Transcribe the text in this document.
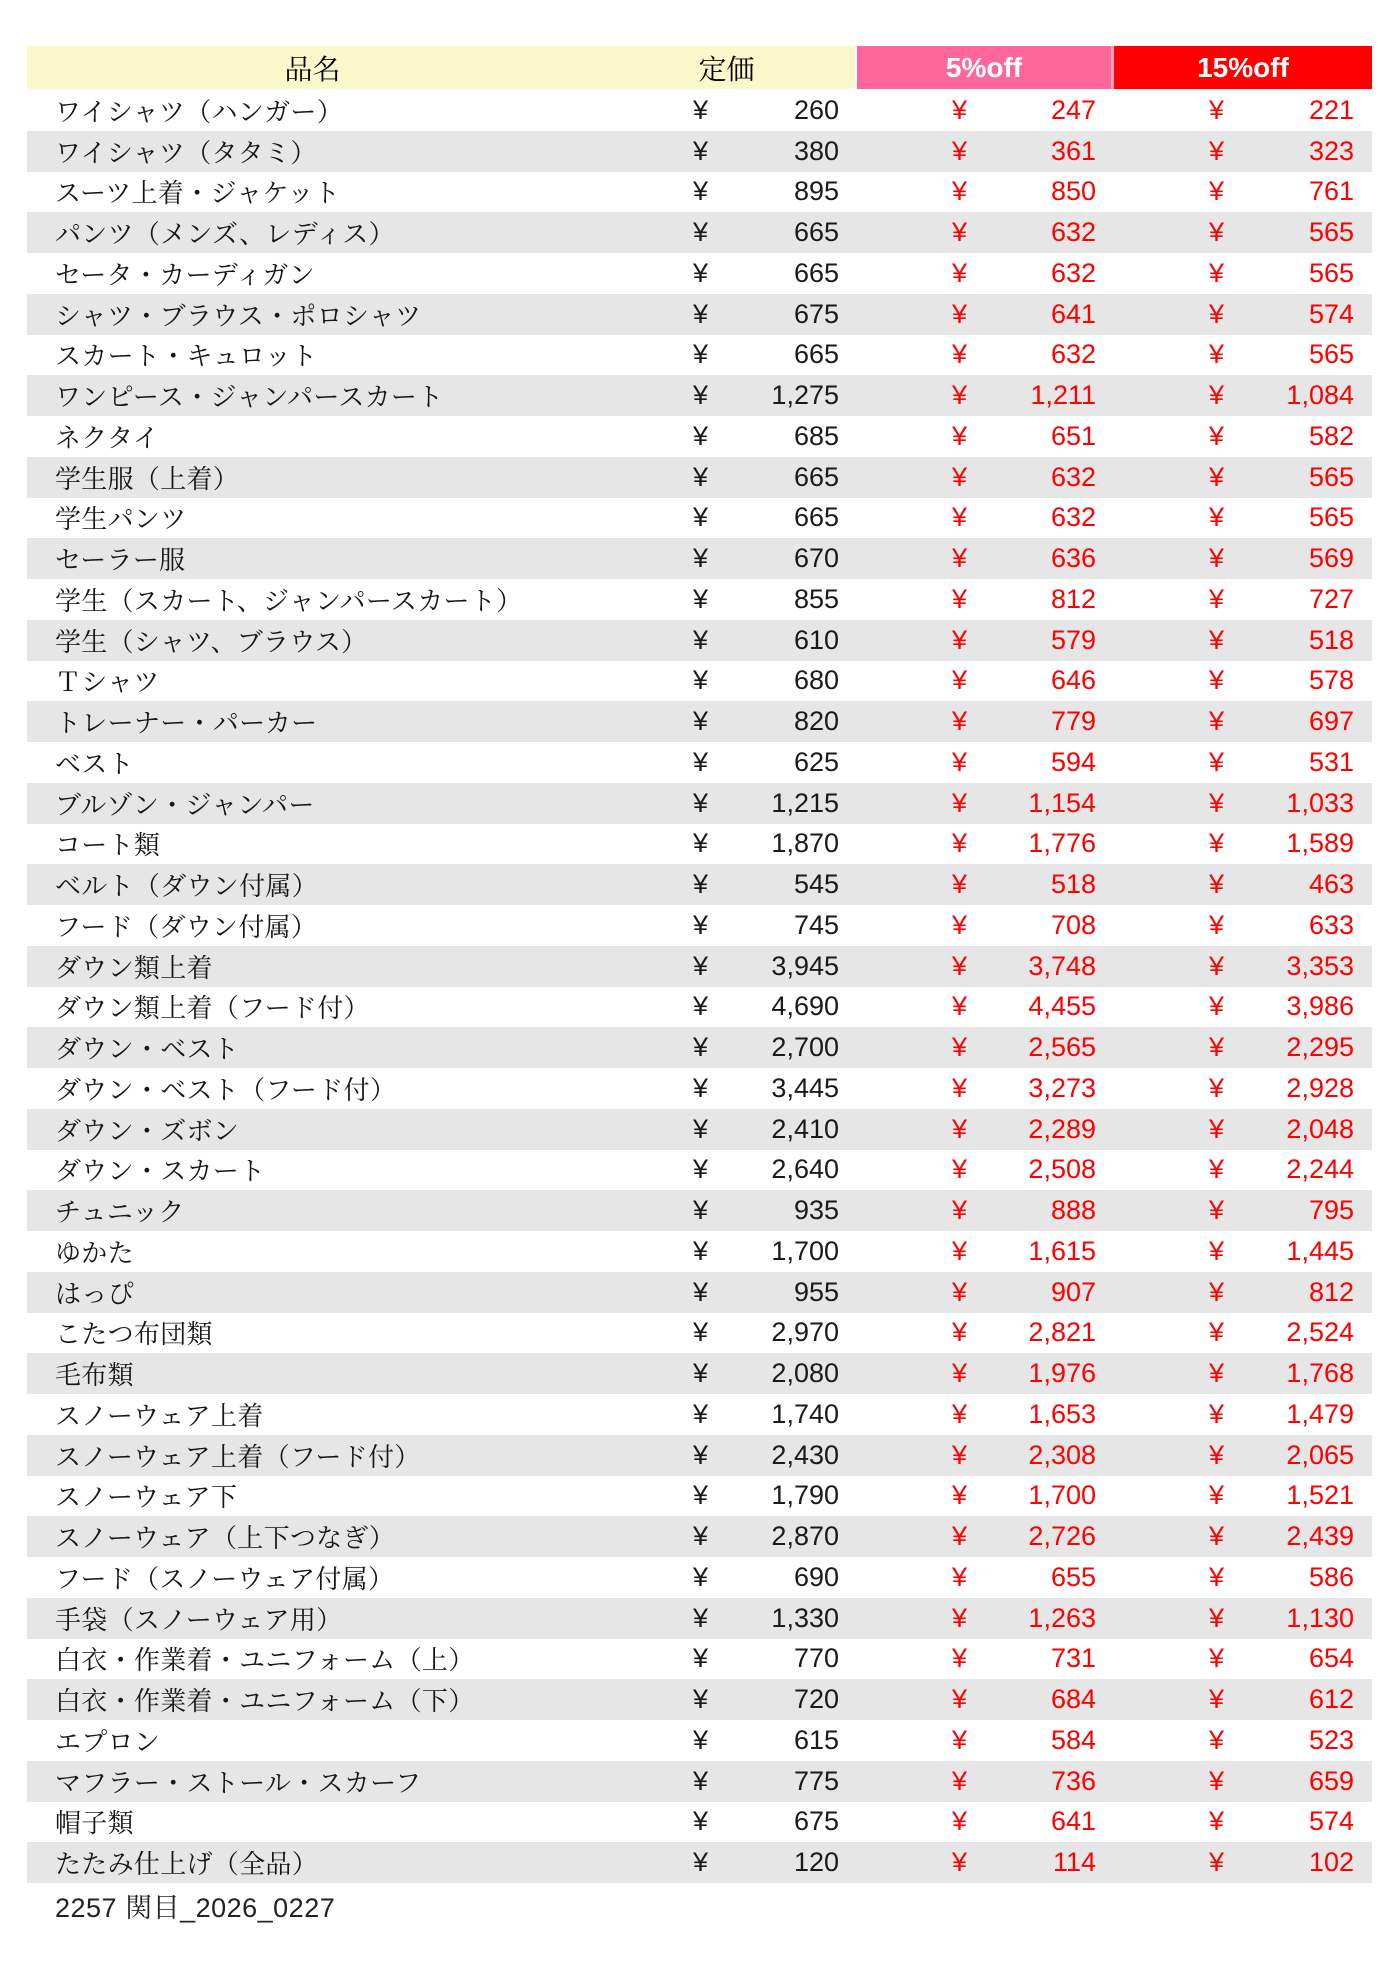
品名	定価	5%off	15%off
ワイシャツ（ハンガー）	¥	260	¥	247	¥	221
ワイシャツ（タタミ）	¥	380	¥	361	¥	323
スーツ上着・ジャケット	¥	895	¥	850	¥	761
パンツ（メンズ、レディス）	¥	665	¥	632	¥	565
セータ・カーディガン	¥	665	¥	632	¥	565
シャツ・ブラウス・ポロシャツ	¥	675	¥	641	¥	574
スカート・キュロット	¥	665	¥	632	¥	565
ワンピース・ジャンパースカート	¥ 1,275	¥ 1,211	¥ 1,084
ネクタイ	¥	685	¥	651	¥	582
学生服（上着）	¥	665	¥	632	¥	565
学生パンツ	¥	665	¥	632	¥	565
セーラー服	¥	670	¥	636	¥	569
学生（スカート、ジャンパースカート）	¥	855	¥	812	¥	727
学生（シャツ、ブラウス）	¥	610	¥	579	¥	518
Ｔシャツ	¥	680	¥	646	¥	578
トレーナー・パーカー	¥	820	¥	779	¥	697
ベスト	¥	625	¥	594	¥	531
ブルゾン・ジャンパー	¥ 1,215	¥ 1,154	¥ 1,033
コート類	¥ 1,870	¥ 1,776	¥ 1,589
ベルト（ダウン付属）	¥	545	¥	518	¥	463
フード（ダウン付属）	¥	745	¥	708	¥	633
ダウン類上着	¥ 3,945	¥ 3,748	¥ 3,353
ダウン類上着（フード付）	¥ 4,690	¥ 4,455	¥ 3,986
ダウン・ベスト	¥ 2,700	¥ 2,565	¥ 2,295
ダウン・ベスト（フード付）	¥ 3,445	¥ 3,273	¥ 2,928
ダウン・ズボン	¥ 2,410	¥ 2,289	¥ 2,048
ダウン・スカート	¥ 2,640	¥ 2,508	¥ 2,244
チュニック	¥	935	¥	888	¥	795
ゆかた	¥ 1,700	¥ 1,615	¥ 1,445
はっぴ	¥	955	¥	907	¥	812
こたつ布団類	¥ 2,970	¥ 2,821	¥ 2,524
毛布類	¥ 2,080	¥ 1,976	¥ 1,768
スノーウェア上着	¥ 1,740	¥ 1,653	¥ 1,479
スノーウェア上着（フード付）	¥ 2,430	¥ 2,308	¥ 2,065
スノーウェア下	¥ 1,790	¥ 1,700	¥ 1,521
スノーウェア（上下つなぎ）	¥ 2,870	¥ 2,726	¥ 2,439
フード（スノーウェア付属）	¥	690	¥	655	¥	586
手袋（スノーウェア用）	¥ 1,330	¥ 1,263	¥ 1,130
白衣・作業着・ユニフォーム（上）	¥	770	¥	731	¥	654
白衣・作業着・ユニフォーム（下）	¥	720	¥	684	¥	612
エプロン	¥	615	¥	584	¥	523
マフラー・ストール・スカーフ	¥	775	¥	736	¥	659
帽子類	¥	675	¥	641	¥	574
たたみ仕上げ（全品）	¥	120	¥	114	¥	102
2257 関目_2026_0227
